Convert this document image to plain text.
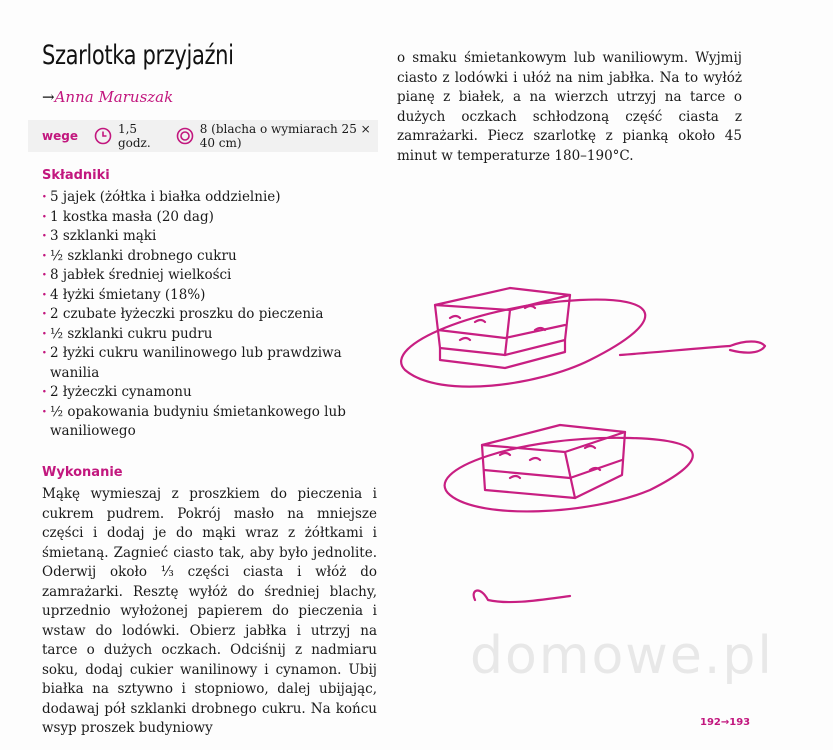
Szarlotka przyjaźni
→Anna Maruszak
wege	1,5 godz.
8 (blacha o wymiarach 25 × 40 cm)
Składniki
· 5 jajek (żółtka i białka oddzielnie)
· 1 kostka masła (20 dag)
· 3 szklanki mąki
· ½ szklanki drobnego cukru
· 8 jabłek średniej wielkości
· 4 łyżki śmietany (18%)
· 2 czubate łyżeczki proszku do pieczenia
· ½ szklanki cukru pudru
· 2 łyżki cukru wanilinowego lub prawdziwa wanilia
· 2 łyżeczki cynamonu
· ½ opakowania budyniu śmietankowego lub waniliowego
Wykonanie

Mąkę wymieszaj z proszkiem do pieczenia i cukrem pudrem. Pokrój masło na mniejsze części i dodaj je do mąki wraz z żółtkami i śmietaną. Zagnieć ciasto tak, aby było jednolite. Oderwij około ⅓ części ciasta i włóż do zamrażarki. Resztę wyłóż do średniej blachy, uprzednio wyłożonej papierem do pieczenia i wstaw do lodówki. Obierz jabłka i utrzyj na tarce o dużych oczkach. Odciśnij z nadmiaru soku, dodaj cukier wanilinowy i cynamon. Ubij białka na sztywno i stopniowo, dalej ubijając, dodawaj pół szklanki drobnego cukru. Na końcu wsyp proszek budyniowy

o smaku śmietankowym lub waniliowym. Wyjmij ciasto z lodówki i ułóż na nim jabłka. Na to wyłóż pianę z białek, a na wierzch utrzyj na tarce o dużych oczkach schłodzoną część ciasta z zamrażarki. Piecz szarlotkę z pianką około 45 minut w temperaturze 180–190°C.

domowe.pl
192→193
